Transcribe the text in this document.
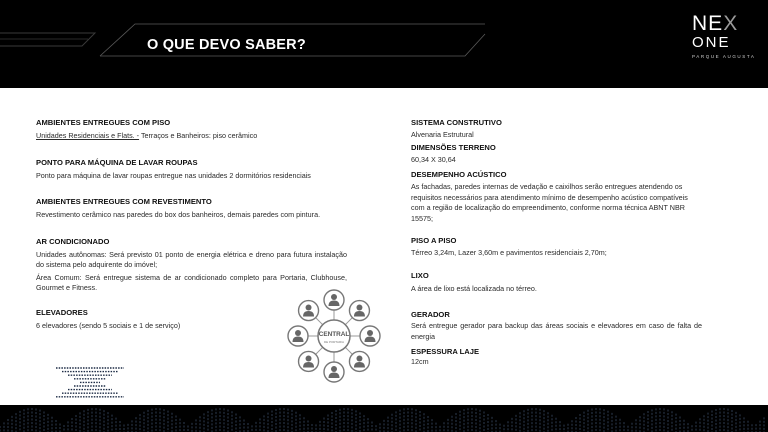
O QUE DEVO SABER?
NEX
ONE
PARQUE AUGUSTA
AMBIENTES ENTREGUES COM PISO
Unidades Residenciais e Flats. - Terraços e Banheiros: piso cerâmico
PONTO PARA MÁQUINA DE LAVAR ROUPAS
Ponto para máquina de lavar roupas entregue nas unidades 2 dormitórios residenciais
AMBIENTES ENTREGUES COM REVESTIMENTO
Revestimento cerâmico nas paredes do box dos banheiros, demais paredes com pintura.
AR CONDICIONADO
Unidades autônomas: Será previsto 01 ponto de energia elétrica e dreno para futura instalação do sistema pelo adquirente do imóvel;
Área Comum: Será entregue sistema de ar condicionado completo para Portaria, Clubhouse, Gourmet e Fitness.
ELEVADORES
6 elevadores (sendo 5 sociais e 1 de serviço)
SISTEMA CONSTRUTIVO
Alvenaria Estrutural
DIMENSÕES TERRENO
60,34 X 30,64
DESEMPENHO ACÚSTICO
As fachadas, paredes internas de vedação e caixilhos serão entregues atendendo os requisitos necessários para atendimento mínimo de desempenho acústico compatíveis com a região de localização do empreendimento, conforme norma técnica ABNT NBR 15575;
PISO A PISO
Térreo 3,24m, Lazer 3,60m e pavimentos residenciais 2,70m;
LIXO
A área de lixo está localizada no térreo.
GERADOR
Será entregue gerador para backup das áreas sociais e elevadores em caso de falta de energia
ESPESSURA LAJE
12cm
CENTRAL
DE PORTARIA
